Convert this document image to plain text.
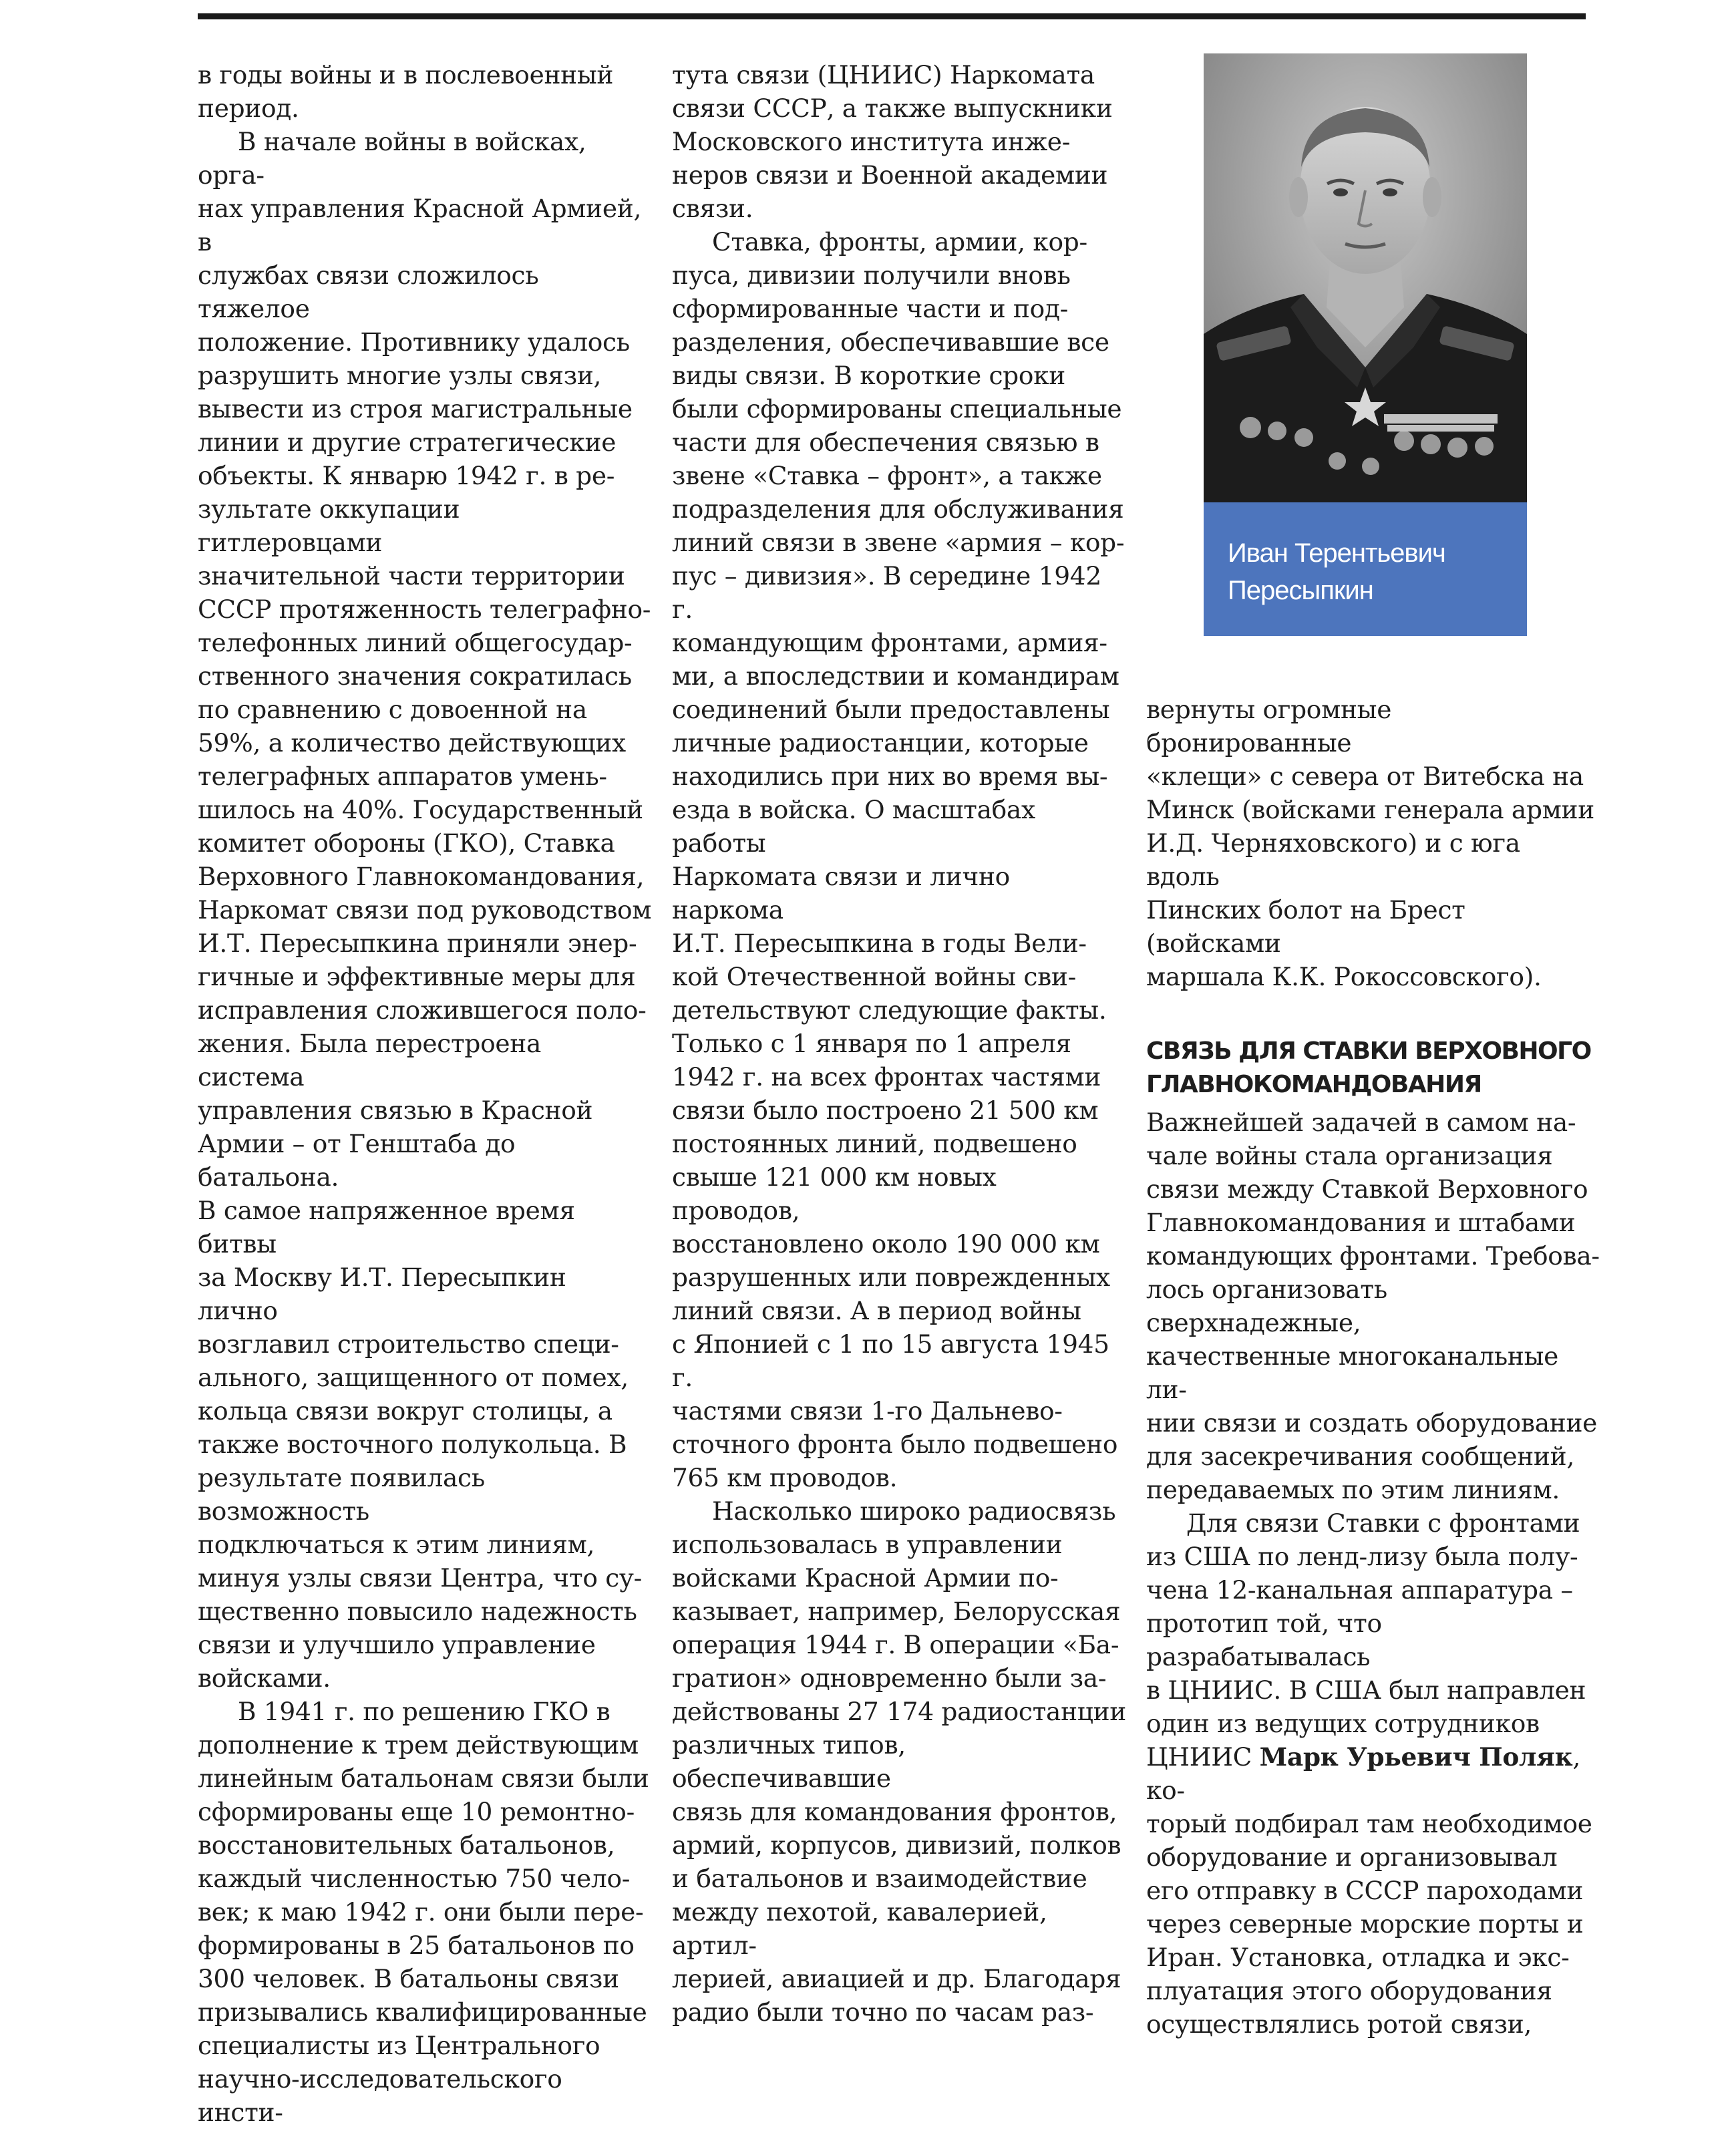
в годы войны и в послевоенный
период.

В начале войны в войсках, орга-
нах управления Красной Армией, в
службах связи сложилось тяжелое
положение. Противнику удалось
разрушить многие узлы связи,
вывести из строя магистральные
линии и другие стратегические
объекты. К январю 1942 г. в ре-
зультате оккупации гитлеровцами
значительной части территории
СССР протяженность телеграфно-
телефонных линий общегосудар-
ственного значения сократилась
по сравнению с довоенной на
59%, а количество действующих
телеграфных аппаратов умень-
шилось на 40%. Государственный
комитет обороны (ГКО), Ставка
Верховного Главнокомандования,
Наркомат связи под руководством
И.Т. Пересыпкина приняли энер-
гичные и эффективные меры для
исправления сложившегося поло-
жения. Была перестроена система
управления связью в Красной
Армии – от Генштаба до батальона.
В самое напряженное время битвы
за Москву И.Т. Пересыпкин лично
возглавил строительство специ-
ального, защищенного от помех,
кольца связи вокруг столицы, а
также восточного полукольца. В
результате появилась возможность
подключаться к этим линиям,
минуя узлы связи Центра, что су-
щественно повысило надежность
связи и улучшило управление
войсками.

В 1941 г. по решению ГКО в
дополнение к трем действующим
линейным батальонам связи были
сформированы еще 10 ремонтно-
восстановительных батальонов,
каждый численностью 750 чело-
век; к маю 1942 г. они были пере-
формированы в 25 батальонов по
300 человек. В батальоны связи
призывались квалифицированные
специалисты из Центрального
научно-исследовательского инсти-

тута связи (ЦНИИС) Наркомата
связи СССР, а также выпускники
Московского института инже-
неров связи и Военной академии
связи.

Ставка, фронты, армии, кор-
пуса, дивизии получили вновь
сформированные части и под-
разделения, обеспечивавшие все
виды связи. В короткие сроки
были сформированы специальные
части для обеспечения связью в
звене «Ставка – фронт», а также
подразделения для обслуживания
линий связи в звене «армия – кор-
пус – дивизия». В середине 1942 г.
командующим фронтами, армия-
ми, а впоследствии и командирам
соединений были предоставлены
личные радиостанции, которые
находились при них во время вы-
езда в войска. О масштабах работы
Наркомата связи и лично наркома
И.Т. Пересыпкина в годы Вели-
кой Отечественной войны сви-
детельствуют следующие факты.
Только с 1 января по 1 апреля
1942 г. на всех фронтах частями
связи было построено 21 500 км
постоянных линий, подвешено
свыше 121 000 км новых проводов,
восстановлено около 190 000 км
разрушенных или поврежденных
линий связи. А в период войны
с Японией с 1 по 15 августа 1945 г.
частями связи 1-го Дальнево-
сточного фронта было подвешено
765 км проводов.

Насколько широко радиосвязь
использовалась в управлении
войсками Красной Армии по-
казывает, например, Белорусская
операция 1944 г. В операции «Ба-
гратион» одновременно были за-
действованы 27 174 радиостанции
различных типов, обеспечивавшие
связь для командования фронтов,
армий, корпусов, дивизий, полков
и батальонов и взаимодействие
между пехотой, кавалерией, артил-
лерией, авиацией и др. Благодаря
радио были точно по часам раз-

Иван Терентьевич
Пересыпкин

вернуты огромные бронированные
«клещи» с севера от Витебска на
Минск (войсками генерала армии
И.Д. Черняховского) и с юга вдоль
Пинских болот на Брест (войсками
маршала К.К. Рокоссовского).

СВЯЗЬ ДЛЯ СТАВКИ ВЕРХОВНОГО ГЛАВНОКОМАНДОВАНИЯ

Важнейшей задачей в самом на-
чале войны стала организация
связи между Ставкой Верховного
Главнокомандования и штабами
командующих фронтами. Требова-
лось организовать сверхнадежные,
качественные многоканальные ли-
нии связи и создать оборудование
для засекречивания сообщений,
передаваемых по этим линиям.

Для связи Ставки с фронтами
из США по ленд-лизу была полу-
чена 12-канальная аппаратура –
прототип той, что разрабатывалась
в ЦНИИС. В США был направлен
один из ведущих сотрудников
ЦНИИС Марк Урьевич Поляк, ко-
торый подбирал там необходимое
оборудование и организовывал
его отправку в СССР пароходами
через северные морские порты и
Иран. Установка, отладка и экс-
плуатация этого оборудования
осуществлялись ротой связи,
